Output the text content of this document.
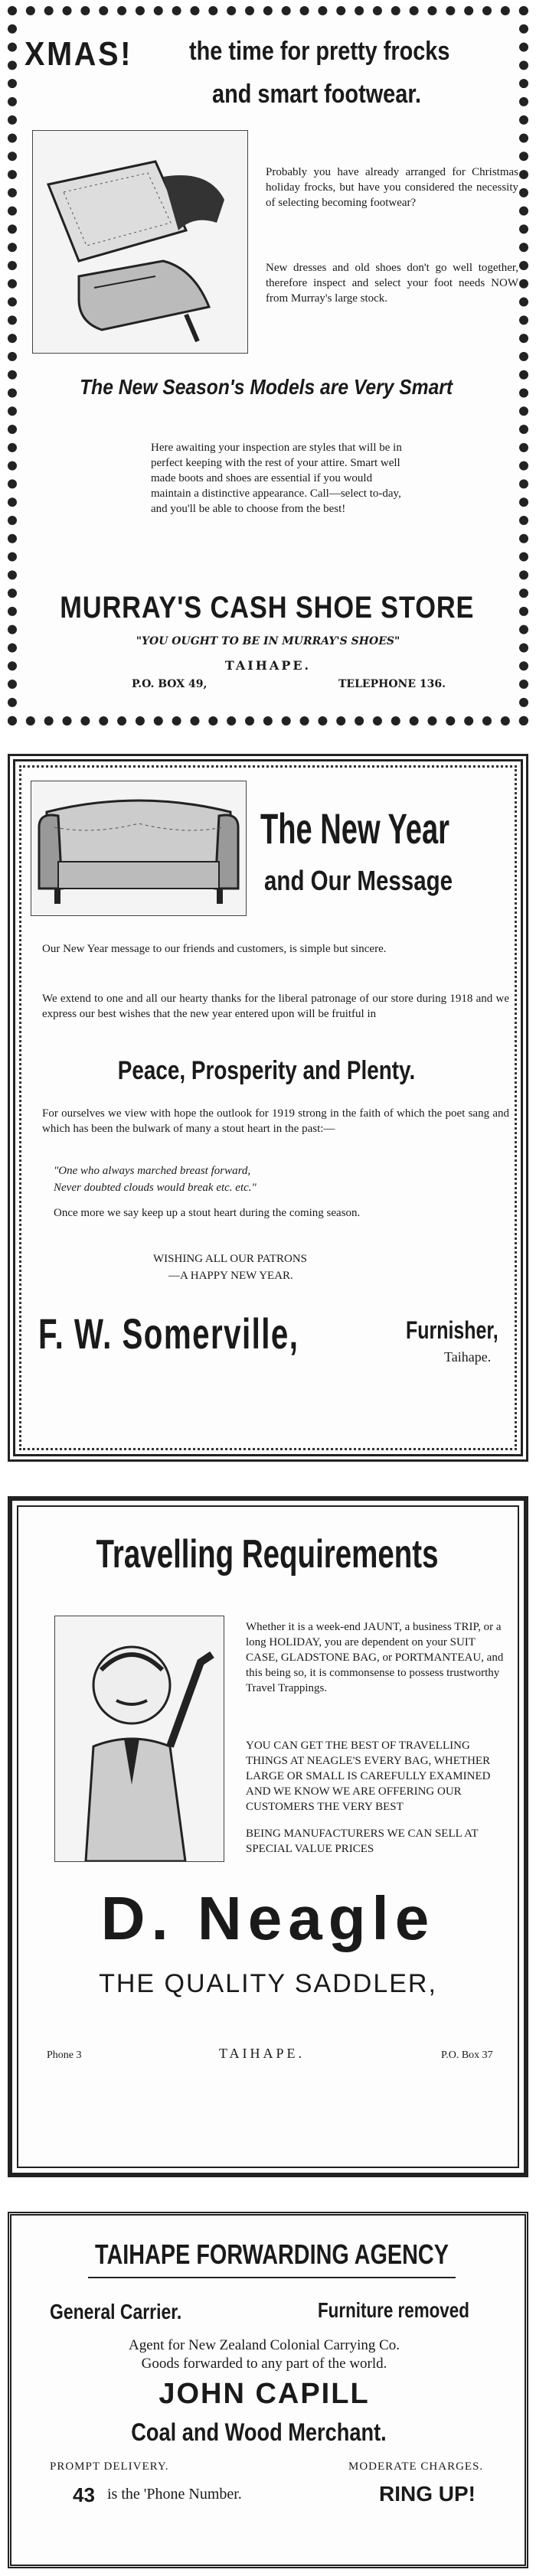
XMAS! the time for pretty frocks
and smart footwear.
Probably you have already arranged for Christmas holiday frocks, but have you considered the necessity of selecting becoming footwear?
New dresses and old shoes don't go well together, therefore inspect and select your foot needs NOW from Murray's large stock.
The New Season's Models are Very Smart
Here awaiting your inspection are styles that will be in perfect keeping with the rest of your attire. Smart well made boots and shoes are essential if you would maintain a distinctive appearance. Call—select to-day, and you'll be able to choose from the best!
MURRAY'S CASH SHOE STORE
"YOU OUGHT TO BE IN MURRAY'S SHOES"
TAIHAPE.
P.O. BOX 49,	TELEPHONE 136.
The New Year
and Our Message
Our New Year message to our friends and customers, is simple but sincere.
We extend to one and all our hearty thanks for the liberal patronage of our store during 1918 and we express our best wishes that the new year entered upon will be fruitful in
Peace, Prosperity and Plenty.
For ourselves we view with hope the outlook for 1919 strong in the faith of which the poet sang and which has been the bulwark of many a stout heart in the past:—
"One who always marched breast forward,
Never doubted clouds would break etc. etc."
Once more we say keep up a stout heart during the coming season.
WISHING ALL OUR PATRONS
—A HAPPY NEW YEAR.
F. W. Somerville,	Furnisher,
Taihape.
Travelling Requirements
Whether it is a week-end JAUNT, a business TRIP, or a long HOLIDAY, you are dependent on your SUIT CASE, GLADSTONE BAG, or PORTMANTEAU, and this being so, it is commonsense to possess trustworthy Travel Trappings.
YOU CAN GET THE BEST OF TRAVELLING THINGS AT NEAGLE'S EVERY BAG, WHETHER LARGE OR SMALL IS CAREFULLY EXAMINED AND WE KNOW WE ARE OFFERING OUR CUSTOMERS THE VERY BEST
BEING MANUFACTURERS WE CAN SELL AT SPECIAL VALUE PRICES
D. Neagle
THE QUALITY SADDLER,
Phone 3	TAIHAPE.	P.O. Box 37
TAIHAPE FORWARDING AGENCY
General Carrier.	Furniture removed
Agent for New Zealand Colonial Carrying Co.
Goods forwarded to any part of the world.
JOHN CAPILL
Coal and Wood Merchant.
PROMPT DELIVERY.	MODERATE CHARGES.
43 is the 'Phone Number.	RING UP!
